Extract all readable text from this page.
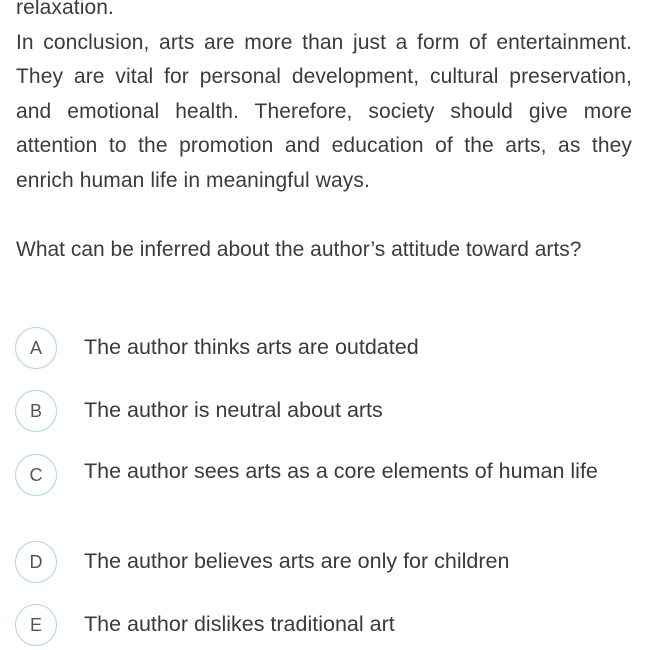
relaxation.

In conclusion, arts are more than just a form of entertainment. They are vital for personal development, cultural preservation, and emotional health. Therefore, society should give more attention to the promotion and education of the arts, as they enrich human life in meaningful ways.

What can be inferred about the author’s attitude toward arts?

A	The author thinks arts are outdated
B	The author is neutral about arts
C	The author sees arts as a core elements of human life
D	The author believes arts are only for children
E	The author dislikes traditional art
